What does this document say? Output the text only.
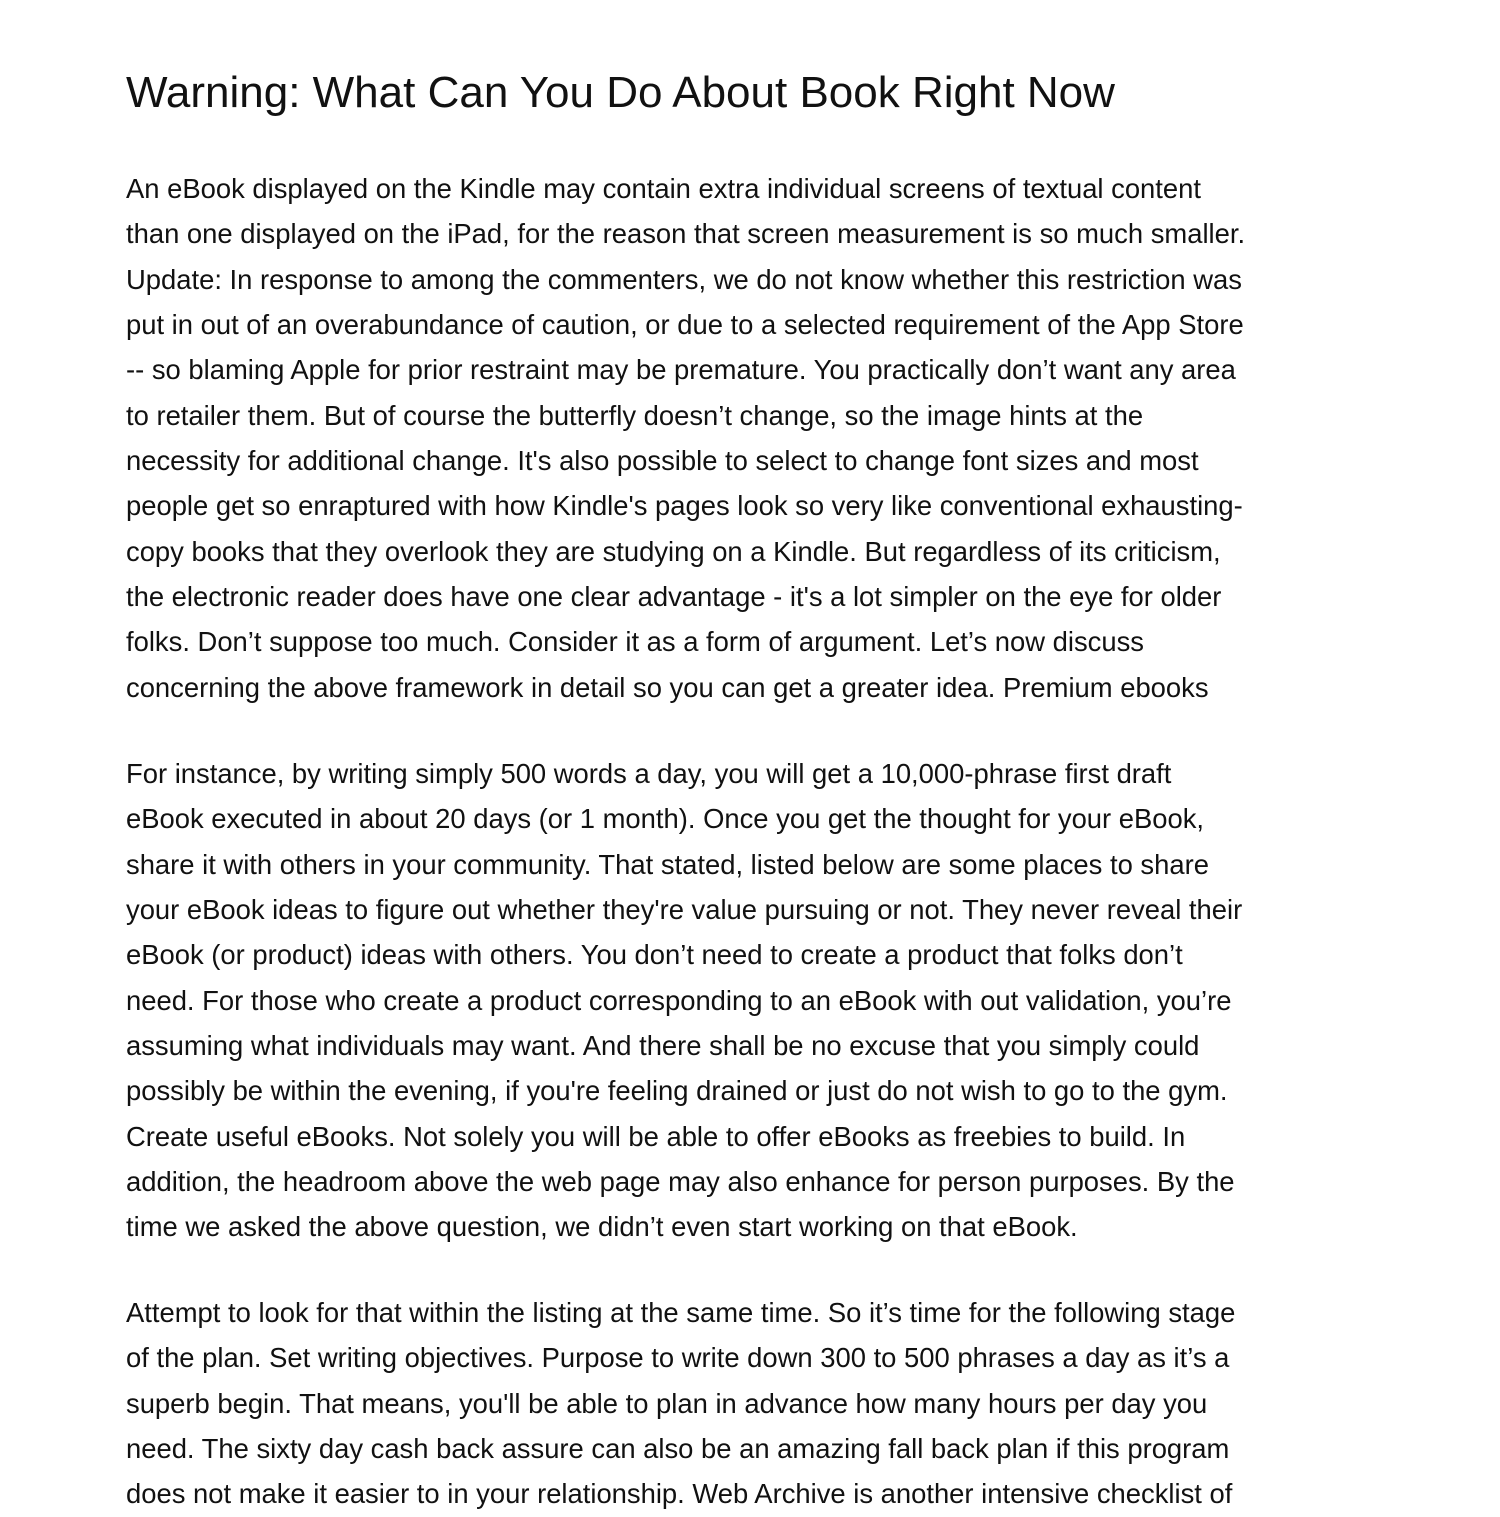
Warning: What Can You Do About Book Right Now
An eBook displayed on the Kindle may contain extra individual screens of textual content
than one displayed on the iPad, for the reason that screen measurement is so much smaller.
Update: In response to among the commenters, we do not know whether this restriction was
put in out of an overabundance of caution, or due to a selected requirement of the App Store
-- so blaming Apple for prior restraint may be premature. You practically don’t want any area
to retailer them. But of course the butterfly doesn’t change, so the image hints at the
necessity for additional change. It's also possible to select to change font sizes and most
people get so enraptured with how Kindle's pages look so very like conventional exhausting-
copy books that they overlook they are studying on a Kindle. But regardless of its criticism,
the electronic reader does have one clear advantage - it's a lot simpler on the eye for older
folks. Don’t suppose too much. Consider it as a form of argument. Let’s now discuss
concerning the above framework in detail so you can get a greater idea. Premium ebooks
For instance, by writing simply 500 words a day, you will get a 10,000-phrase first draft
eBook executed in about 20 days (or 1 month). Once you get the thought for your eBook,
share it with others in your community. That stated, listed below are some places to share
your eBook ideas to figure out whether they're value pursuing or not. They never reveal their
eBook (or product) ideas with others. You don’t need to create a product that folks don’t
need. For those who create a product corresponding to an eBook with out validation, you’re
assuming what individuals may want. And there shall be no excuse that you simply could
possibly be within the evening, if you're feeling drained or just do not wish to go to the gym.
Create useful eBooks. Not solely you will be able to offer eBooks as freebies to build. In
addition, the headroom above the web page may also enhance for person purposes. By the
time we asked the above question, we didn’t even start working on that eBook.
Attempt to look for that within the listing at the same time. So it’s time for the following stage
of the plan. Set writing objectives. Purpose to write down 300 to 500 phrases a day as it’s a
superb begin. That means, you'll be able to plan in advance how many hours per day you
need. The sixty day cash back assure can also be an amazing fall back plan if this program
does not make it easier to in your relationship. Web Archive is another intensive checklist of
